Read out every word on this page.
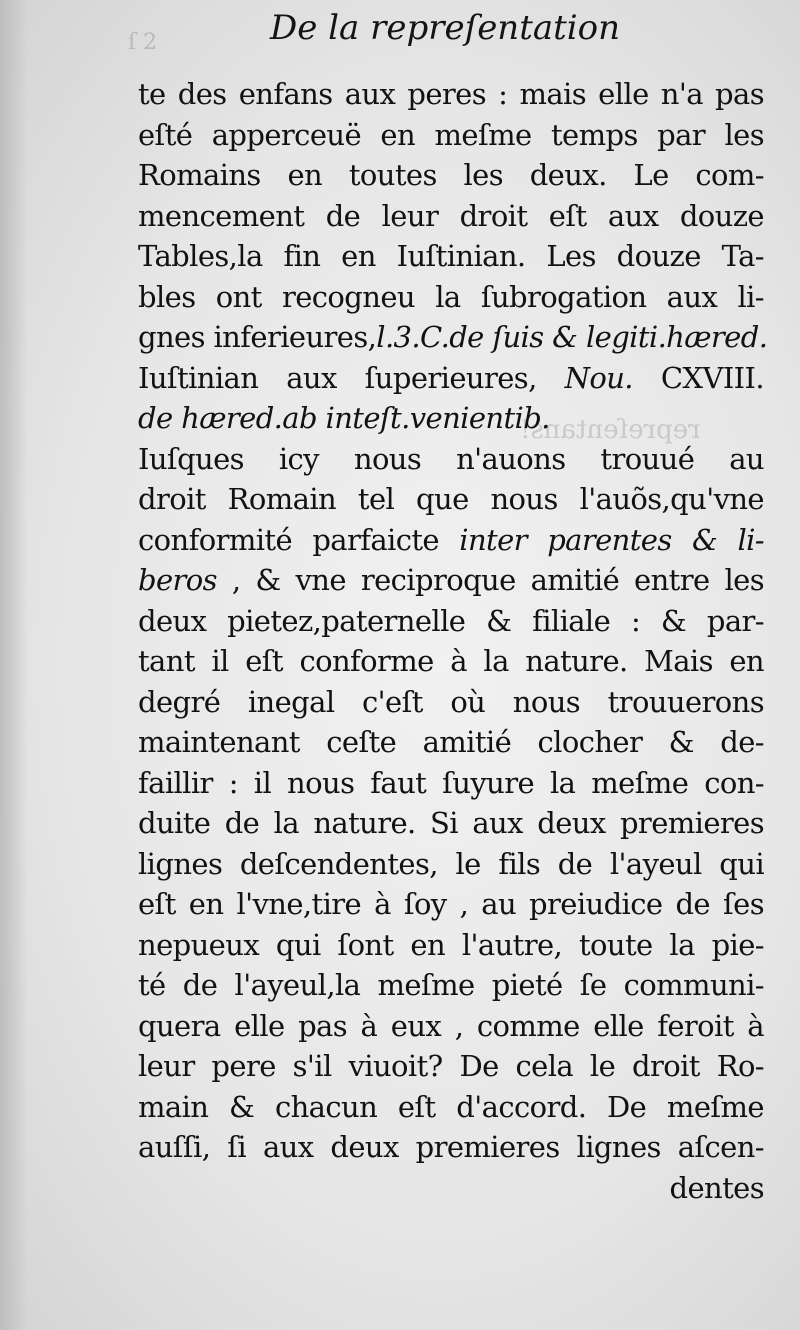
ſ 2
repreſentans!
De la repreſentation
te des enfans aux peres : mais elle n'a pas
eſté apperceuë en meſme temps par les
Romains en toutes les deux. Le com-
mencement de leur droit eſt aux douze
Tables,la fin en Iuſtinian. Les douze Ta-
bles ont recogneu la ſubrogation aux li-
gnes inferieures,l.3.C.de ſuis & legiti.hæred.
Iuſtinian aux ſuperieures, Nou. CXVIII.
de hæred.ab inteſt.venientib.
Iuſques icy nous n'auons trouué au
droit Romain tel que nous l'auõs,qu'vne
conformité parfaicte inter parentes & li-
beros , & vne reciproque amitié entre les
deux pietez,paternelle & filiale : & par-
tant il eſt conforme à la nature. Mais en
degré inegal c'eſt où nous trouuerons
maintenant ceſte amitié clocher & de-
faillir : il nous faut ſuyure la meſme con-
duite de la nature. Si aux deux premieres
lignes deſcendentes, le fils de l'ayeul qui
eſt en l'vne,tire à ſoy , au preiudice de ſes
nepueux qui ſont en l'autre, toute la pie-
té de l'ayeul,la meſme pieté ſe communi-
quera elle pas à eux , comme elle feroit à
leur pere s'il viuoit? De cela le droit Ro-
main & chacun eſt d'accord. De meſme
auſſi, ſi aux deux premieres lignes aſcen-
dentes
